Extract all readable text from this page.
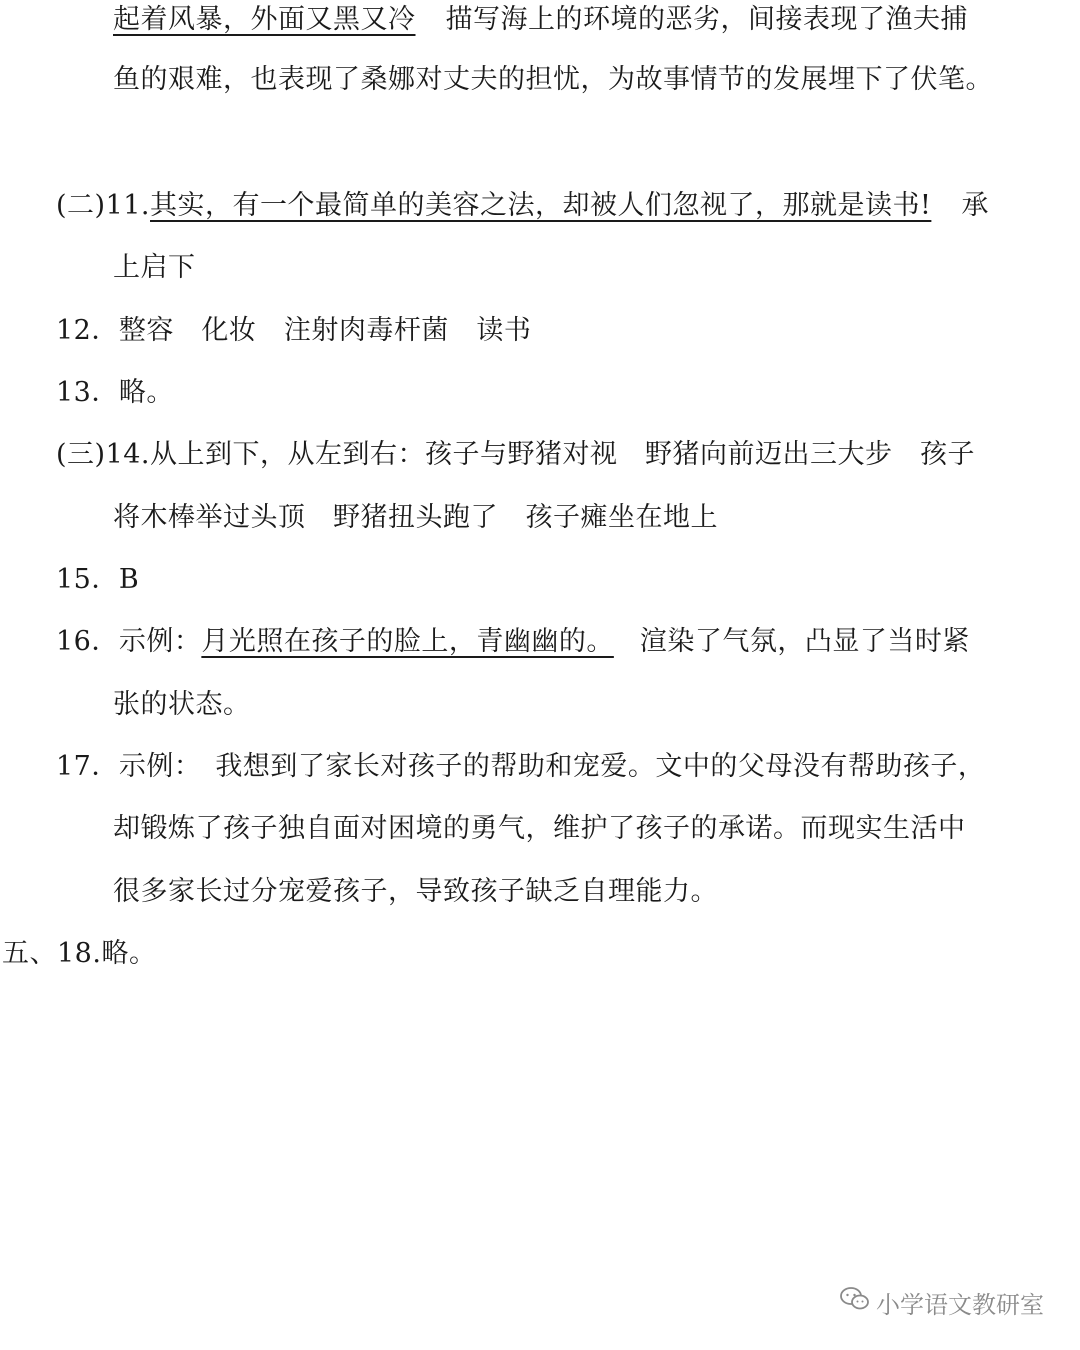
起着风暴，外面又黑又冷 描写海上的环境的恶劣，间接表现了渔夫捕
鱼的艰难，也表现了桑娜对丈夫的担忧，为故事情节的发展埋下了伏笔。
(二)11.其实，有一个最简单的美容之法，却被人们忽视了，那就是读书! 承
上启下
12．整容　化妆　注射肉毒杆菌　读书
13．略。
(三)14.从上到下，从左到右：孩子与野猪对视　野猪向前迈出三大步　孩子
将木棒举过头顶　野猪扭头跑了　孩子瘫坐在地上
15．B
16．示例：月光照在孩子的脸上，青幽幽的。 渲染了气氛，凸显了当时紧
张的状态。
17．示例：　我想到了家长对孩子的帮助和宠爱。文中的父母没有帮助孩子，
却锻炼了孩子独自面对困境的勇气，维护了孩子的承诺。而现实生活中
很多家长过分宠爱孩子，导致孩子缺乏自理能力。
五、18.略。
小学语文教研室
